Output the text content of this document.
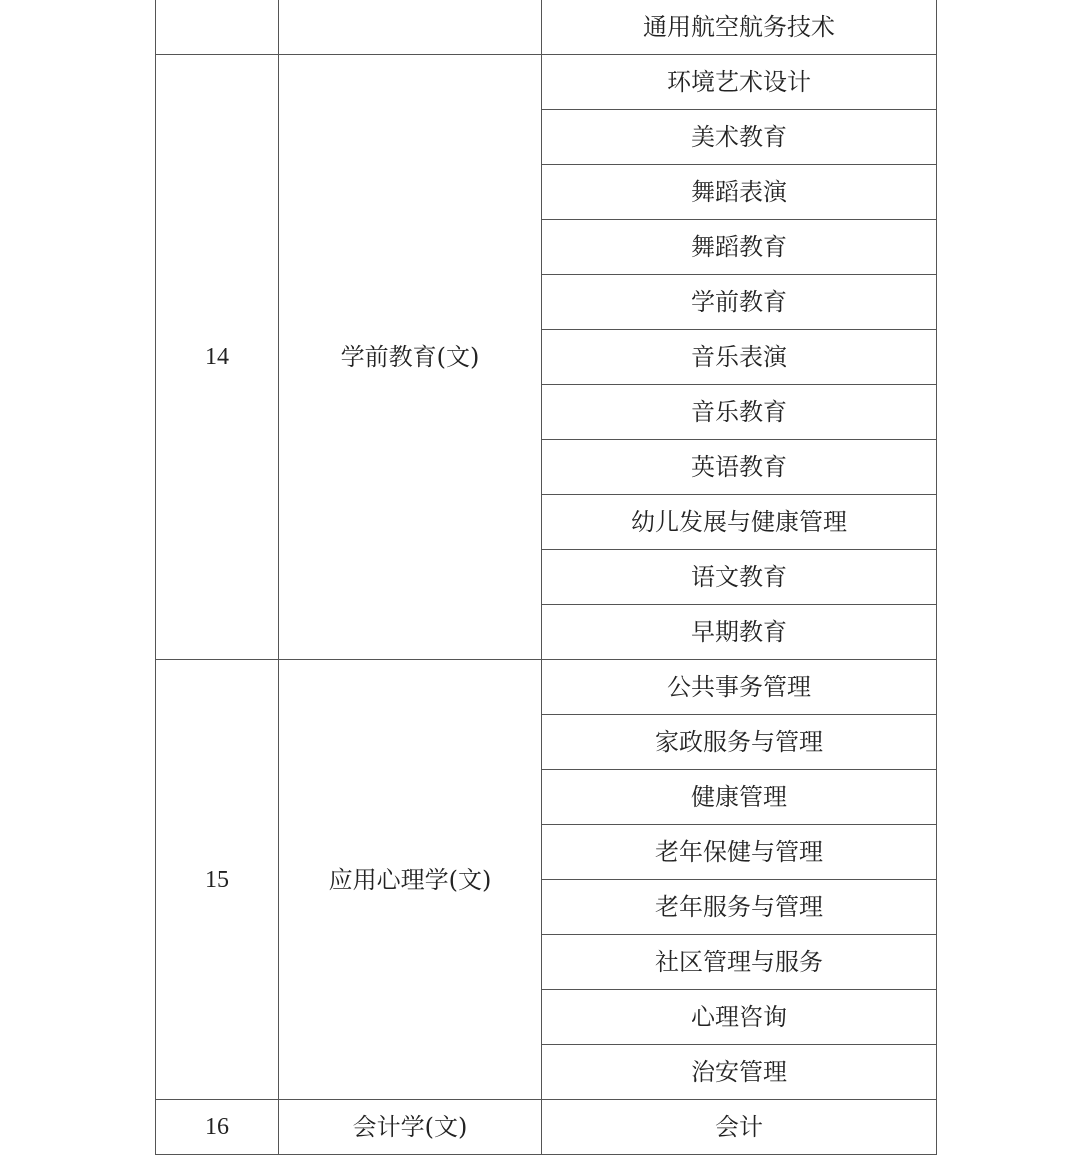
		通用航空航务技术
14	学前教育(文)	环境艺术设计
		美术教育
		舞蹈表演
		舞蹈教育
		学前教育
		音乐表演
		音乐教育
		英语教育
		幼儿发展与健康管理
		语文教育
		早期教育
15	应用心理学(文)	公共事务管理
		家政服务与管理
		健康管理
		老年保健与管理
		老年服务与管理
		社区管理与服务
		心理咨询
		治安管理
16	会计学(文)	会计
